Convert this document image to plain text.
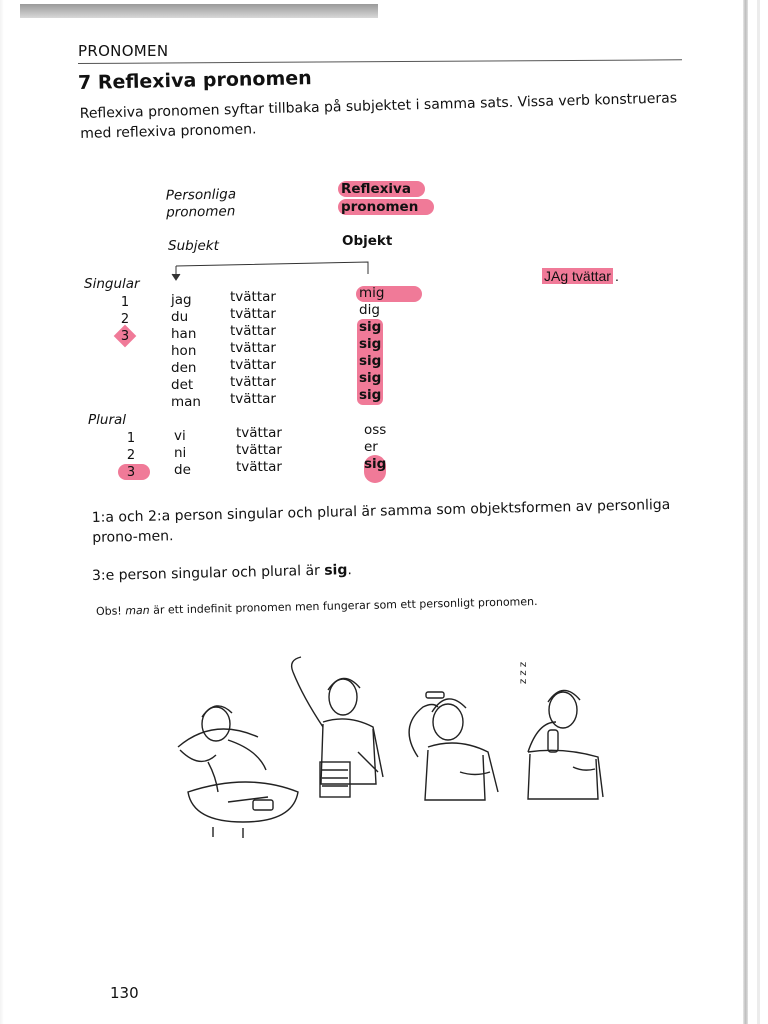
PRONOMEN
7 Reflexiva pronomen
Reflexiva pronomen syftar tillbaka på subjektet i samma sats. Vissa verb konstrueras med reflexiva pronomen.
Personliga
pronomen
Reflexiva
pronomen
Subjekt	Objekt
Singular
1
2
3
jag
du
han
hon
den
det
man
tvättar
tvättar
tvättar
tvättar
tvättar
tvättar
tvättar
mig
dig
sig
sig
sig
sig
sig
Plural
1
2
3
vi
ni
de
tvättar
tvättar
tvättar
oss
er
sig
JAg tvättar .
1:a och 2:a person singular och plural är samma som objektsformen av personliga prono-men.
3:e person singular och plural är sig.
Obs! man är ett indefinit pronomen men fungerar som ett personligt pronomen.
z z z
130
